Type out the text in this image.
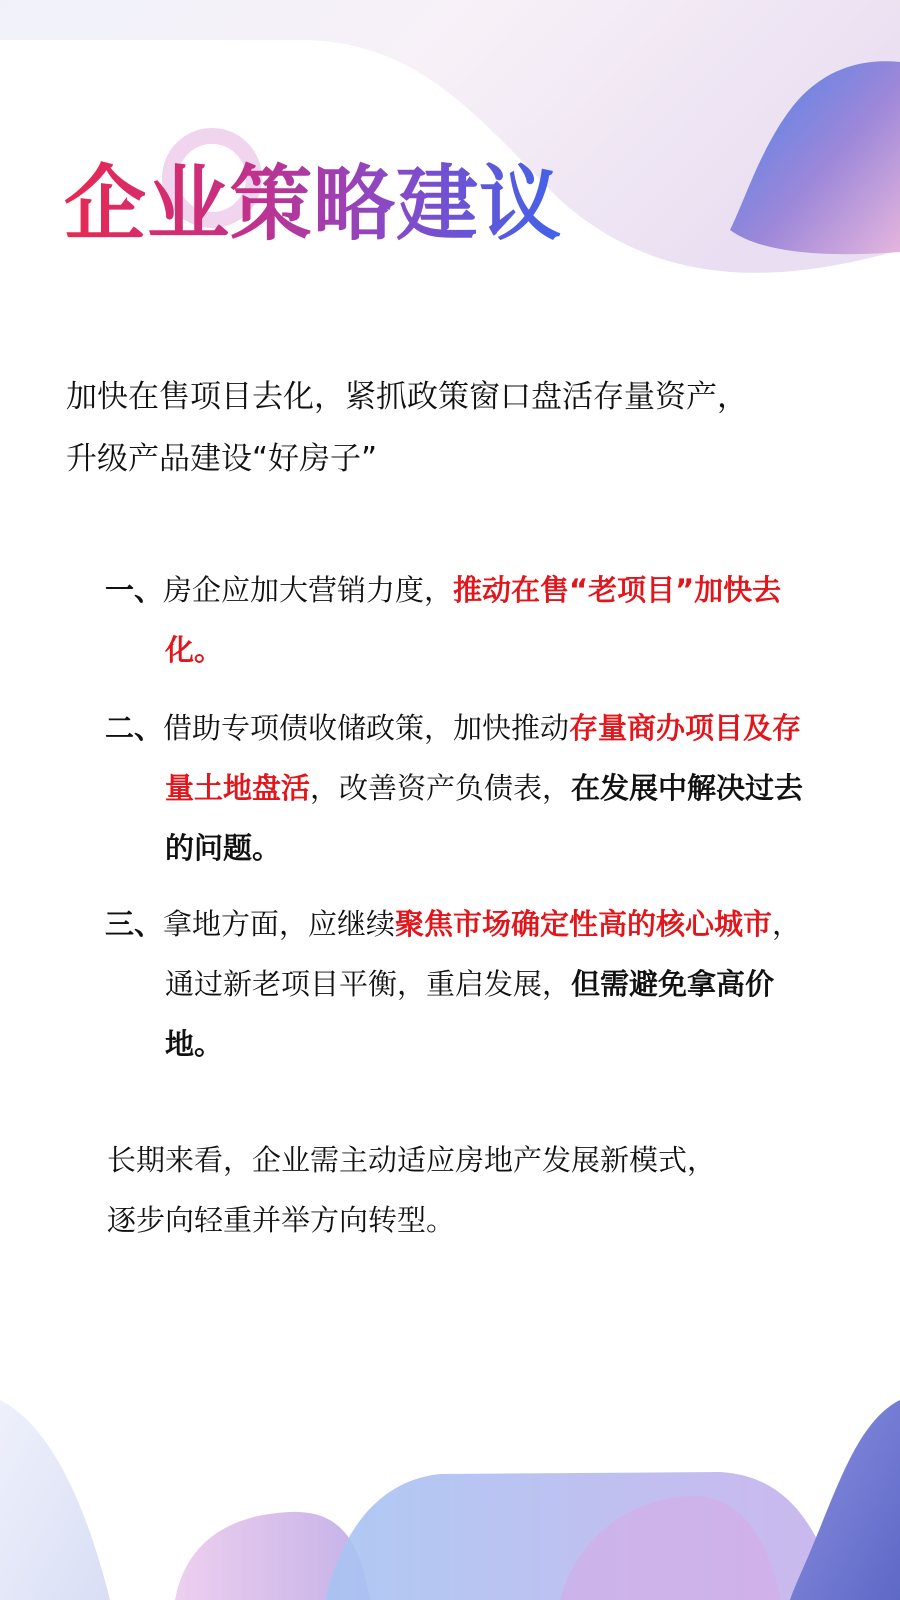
企业策略建议

加快在售项目去化，紧抓政策窗口盘活存量资产，
升级产品建设“好房子”

一、房企应加大营销力度，推动在售“老项目”加快去化。

二、借助专项债收储政策，加快推动存量商办项目及存量土地盘活，改善资产负债表，在发展中解决过去的问题。

三、拿地方面，应继续聚焦市场确定性高的核心城市，通过新老项目平衡，重启发展，但需避免拿高价地。

长期来看，企业需主动适应房地产发展新模式，
逐步向轻重并举方向转型。
